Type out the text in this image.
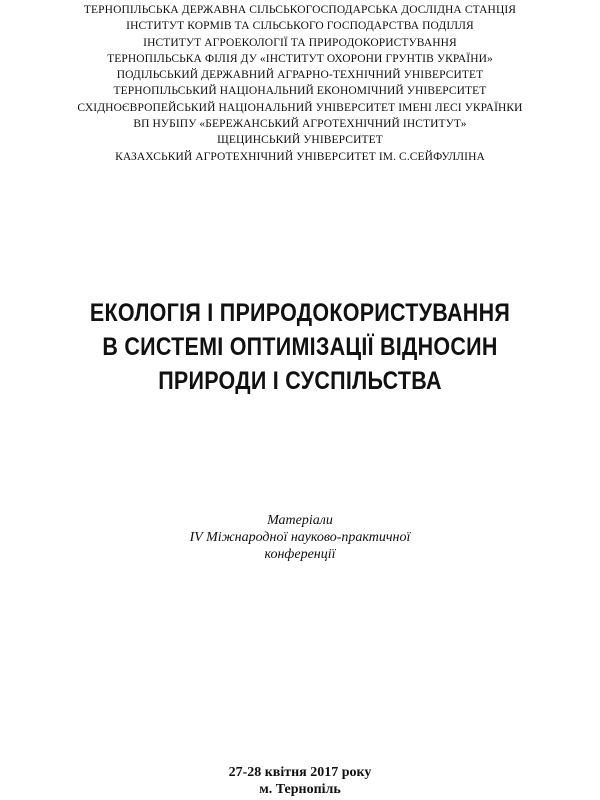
ТЕРНОПІЛЬСЬКА ДЕРЖАВНА СІЛЬСЬКОГОСПОДАРСЬКА ДОСЛІДНА СТАНЦІЯ
ІНСТИТУТ КОРМІВ ТА СІЛЬСЬКОГО ГОСПОДАРСТВА ПОДІЛЛЯ
ІНСТИТУТ АГРОЕКОЛОГІЇ ТА ПРИРОДОКОРИСТУВАННЯ
ТЕРНОПІЛЬСЬКА ФІЛІЯ ДУ «ІНСТИТУТ ОХОРОНИ ГРУНТІВ УКРАЇНИ»
ПОДІЛЬСЬКИЙ ДЕРЖАВНИЙ АГРАРНО-ТЕХНІЧНИЙ УНІВЕРСИТЕТ
ТЕРНОПІЛЬСЬКИЙ НАЦІОНАЛЬНИЙ ЕКОНОМІЧНИЙ УНІВЕРСИТЕТ
СХІДНОЄВРОПЕЙСЬКИЙ НАЦІОНАЛЬНИЙ УНІВЕРСИТЕТ ІМЕНІ ЛЕСІ УКРАЇНКИ
ВП НУБІПУ «БЕРЕЖАНСЬКИЙ АГРОТЕХНІЧНИЙ ІНСТИТУТ»
ЩЕЦИНСЬКИЙ УНІВЕРСИТЕТ
КАЗАХСЬКИЙ АГРОТЕХНІЧНИЙ УНІВЕРСИТЕТ ІМ. С.СЕЙФУЛЛІНА
ЕКОЛОГІЯ І ПРИРОДОКОРИСТУВАННЯ
В СИСТЕМІ ОПТИМІЗАЦІЇ ВІДНОСИН
ПРИРОДИ І СУСПІЛЬСТВА
Матеріали
IV Міжнародної науково-практичної
конференції
27-28 квітня 2017 року
м. Тернопіль
